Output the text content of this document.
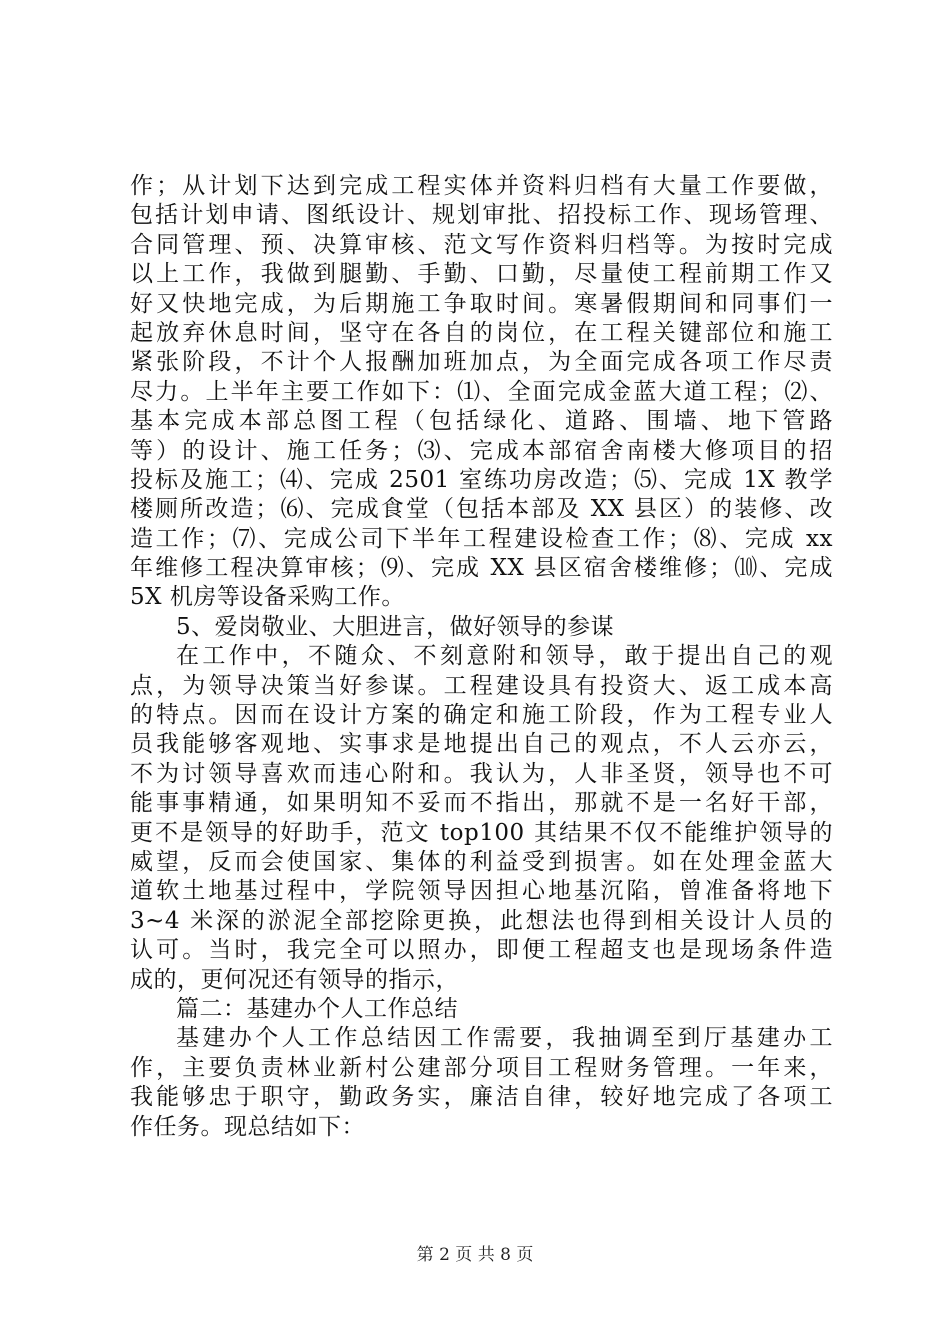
作；从计划下达到完成工程实体并资料归档有大量工作要做，
包括计划申请、图纸设计、规划审批、招投标工作、现场管理、
合同管理、预、决算审核、范文写作资料归档等。为按时完成
以上工作，我做到腿勤、手勤、口勤，尽量使工程前期工作又
好又快地完成，为后期施工争取时间。寒暑假期间和同事们一
起放弃休息时间，坚守在各自的岗位，在工程关键部位和施工
紧张阶段，不计个人报酬加班加点，为全面完成各项工作尽责
尽力。上半年主要工作如下：⑴、全面完成金蓝大道工程；⑵、
基本完成本部总图工程（包括绿化、道路、围墙、地下管路
等）的设计、施工任务；⑶、完成本部宿舍南楼大修项目的招
投标及施工；⑷、完成 2501 室练功房改造；⑸、完成 1X 教学
楼厕所改造；⑹、完成食堂（包括本部及 XX 县区）的装修、改
造工作；⑺、完成公司下半年工程建设检查工作；⑻、完成 xx
年维修工程决算审核；⑼、完成 XX 县区宿舍楼维修；⑽、完成
5X 机房等设备采购工作。
5、爱岗敬业、大胆进言，做好领导的参谋
在工作中，不随众、不刻意附和领导，敢于提出自己的观
点，为领导决策当好参谋。工程建设具有投资大、返工成本高
的特点。因而在设计方案的确定和施工阶段，作为工程专业人
员我能够客观地、实事求是地提出自己的观点，不人云亦云，
不为讨领导喜欢而违心附和。我认为，人非圣贤，领导也不可
能事事精通，如果明知不妥而不指出，那就不是一名好干部，
更不是领导的好助手，范文 top100 其结果不仅不能维护领导的
威望，反而会使国家、集体的利益受到损害。如在处理金蓝大
道软土地基过程中，学院领导因担心地基沉陷，曾准备将地下
3~4 米深的淤泥全部挖除更换，此想法也得到相关设计人员的
认可。当时，我完全可以照办，即便工程超支也是现场条件造
成的，更何况还有领导的指示，
篇二：基建办个人工作总结
基建办个人工作总结因工作需要，我抽调至到厅基建办工
作，主要负责林业新村公建部分项目工程财务管理。一年来，
我能够忠于职守，勤政务实，廉洁自律，较好地完成了各项工
作任务。现总结如下：
第 2 页 共 8 页
